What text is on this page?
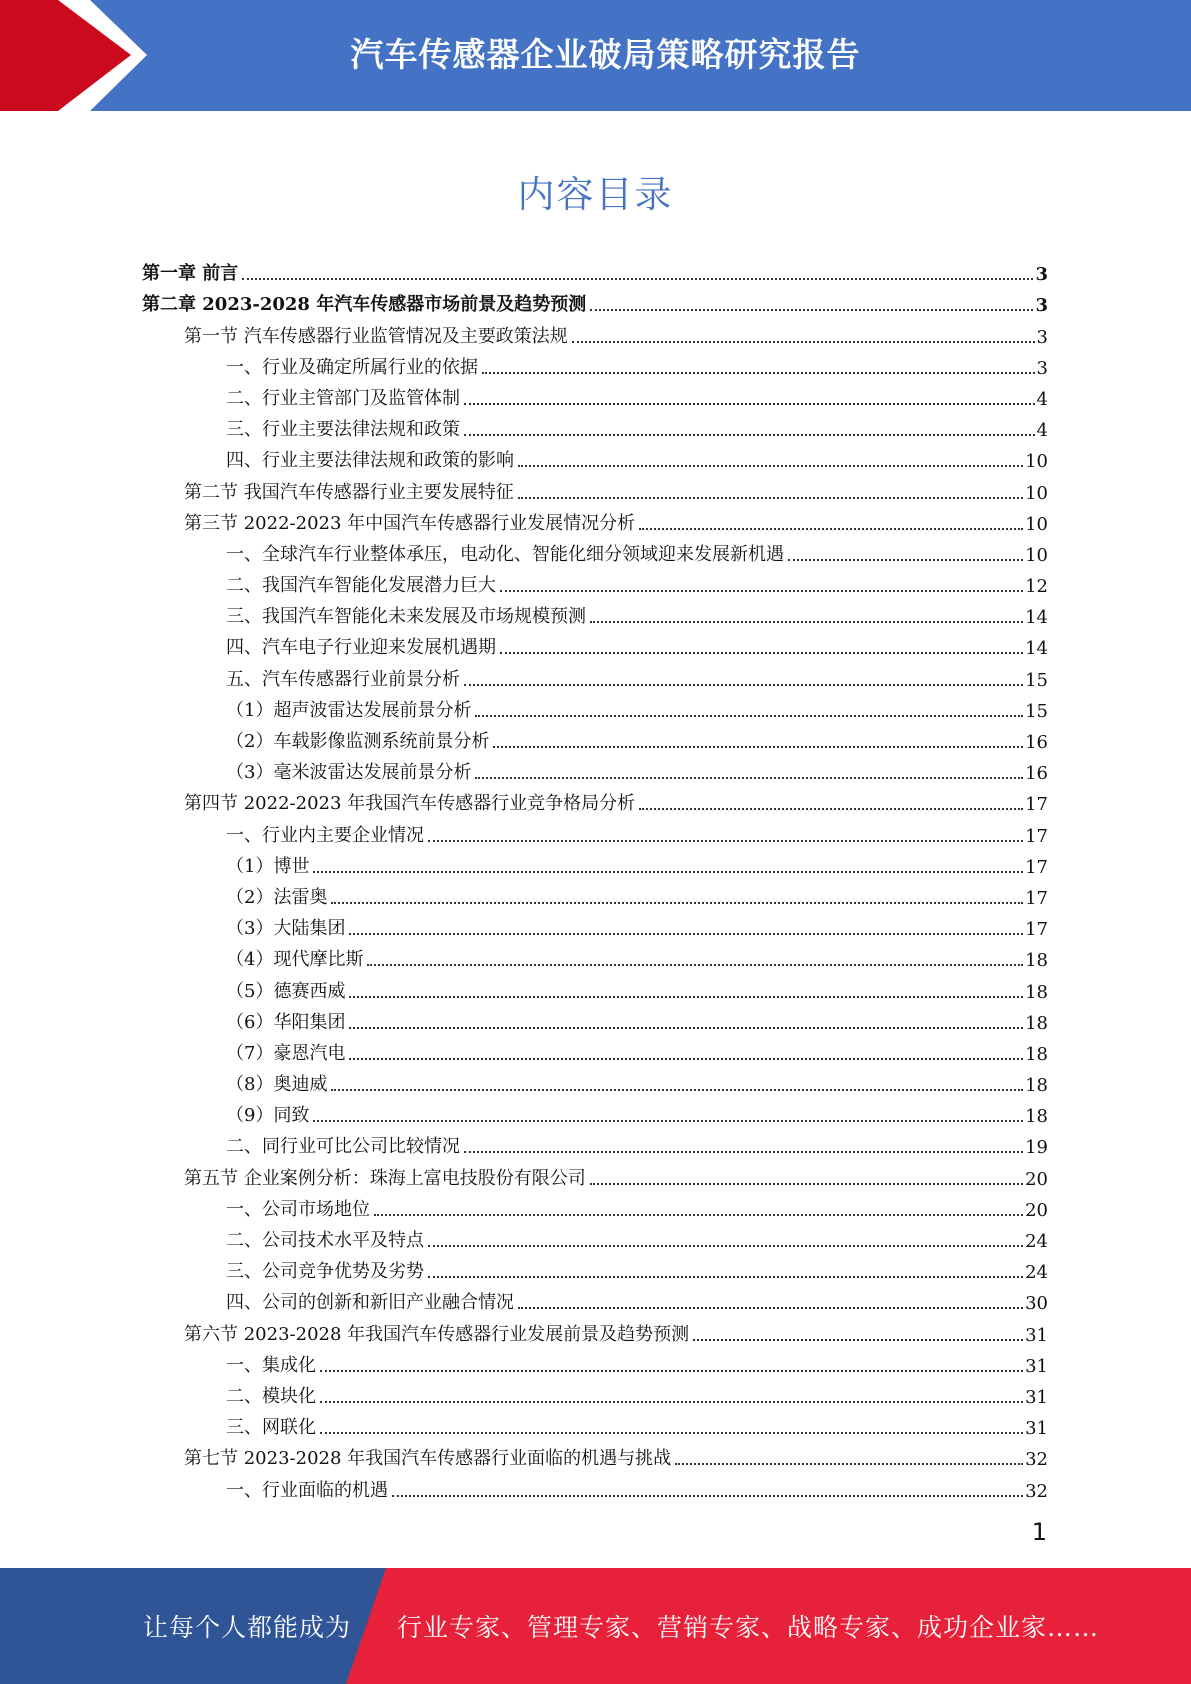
汽车传感器企业破局策略研究报告
内容目录
第一章 前言	3
第二章 2023-2028 年汽车传感器市场前景及趋势预测	3
第一节 汽车传感器行业监管情况及主要政策法规	3
一、行业及确定所属行业的依据	3
二、行业主管部门及监管体制	4
三、行业主要法律法规和政策	4
四、行业主要法律法规和政策的影响	10
第二节 我国汽车传感器行业主要发展特征	10
第三节 2022-2023 年中国汽车传感器行业发展情况分析	10
一、全球汽车行业整体承压，电动化、智能化细分领域迎来发展新机遇	10
二、我国汽车智能化发展潜力巨大	12
三、我国汽车智能化未来发展及市场规模预测	14
四、汽车电子行业迎来发展机遇期	14
五、汽车传感器行业前景分析	15
（1）超声波雷达发展前景分析	15
（2）车载影像监测系统前景分析	16
（3）毫米波雷达发展前景分析	16
第四节 2022-2023 年我国汽车传感器行业竞争格局分析	17
一、行业内主要企业情况	17
（1）博世	17
（2）法雷奥	17
（3）大陆集团	17
（4）现代摩比斯	18
（5）德赛西威	18
（6）华阳集团	18
（7）豪恩汽电	18
（8）奥迪威	18
（9）同致	18
二、同行业可比公司比较情况	19
第五节 企业案例分析：珠海上富电技股份有限公司	20
一、公司市场地位	20
二、公司技术水平及特点	24
三、公司竞争优势及劣势	24
四、公司的创新和新旧产业融合情况	30
第六节 2023-2028 年我国汽车传感器行业发展前景及趋势预测	31
一、集成化	31
二、模块化	31
三、网联化	31
第七节 2023-2028 年我国汽车传感器行业面临的机遇与挑战	32
一、行业面临的机遇	32
1
让每个人都能成为 行业专家、管理专家、营销专家、战略专家、成功企业家……
